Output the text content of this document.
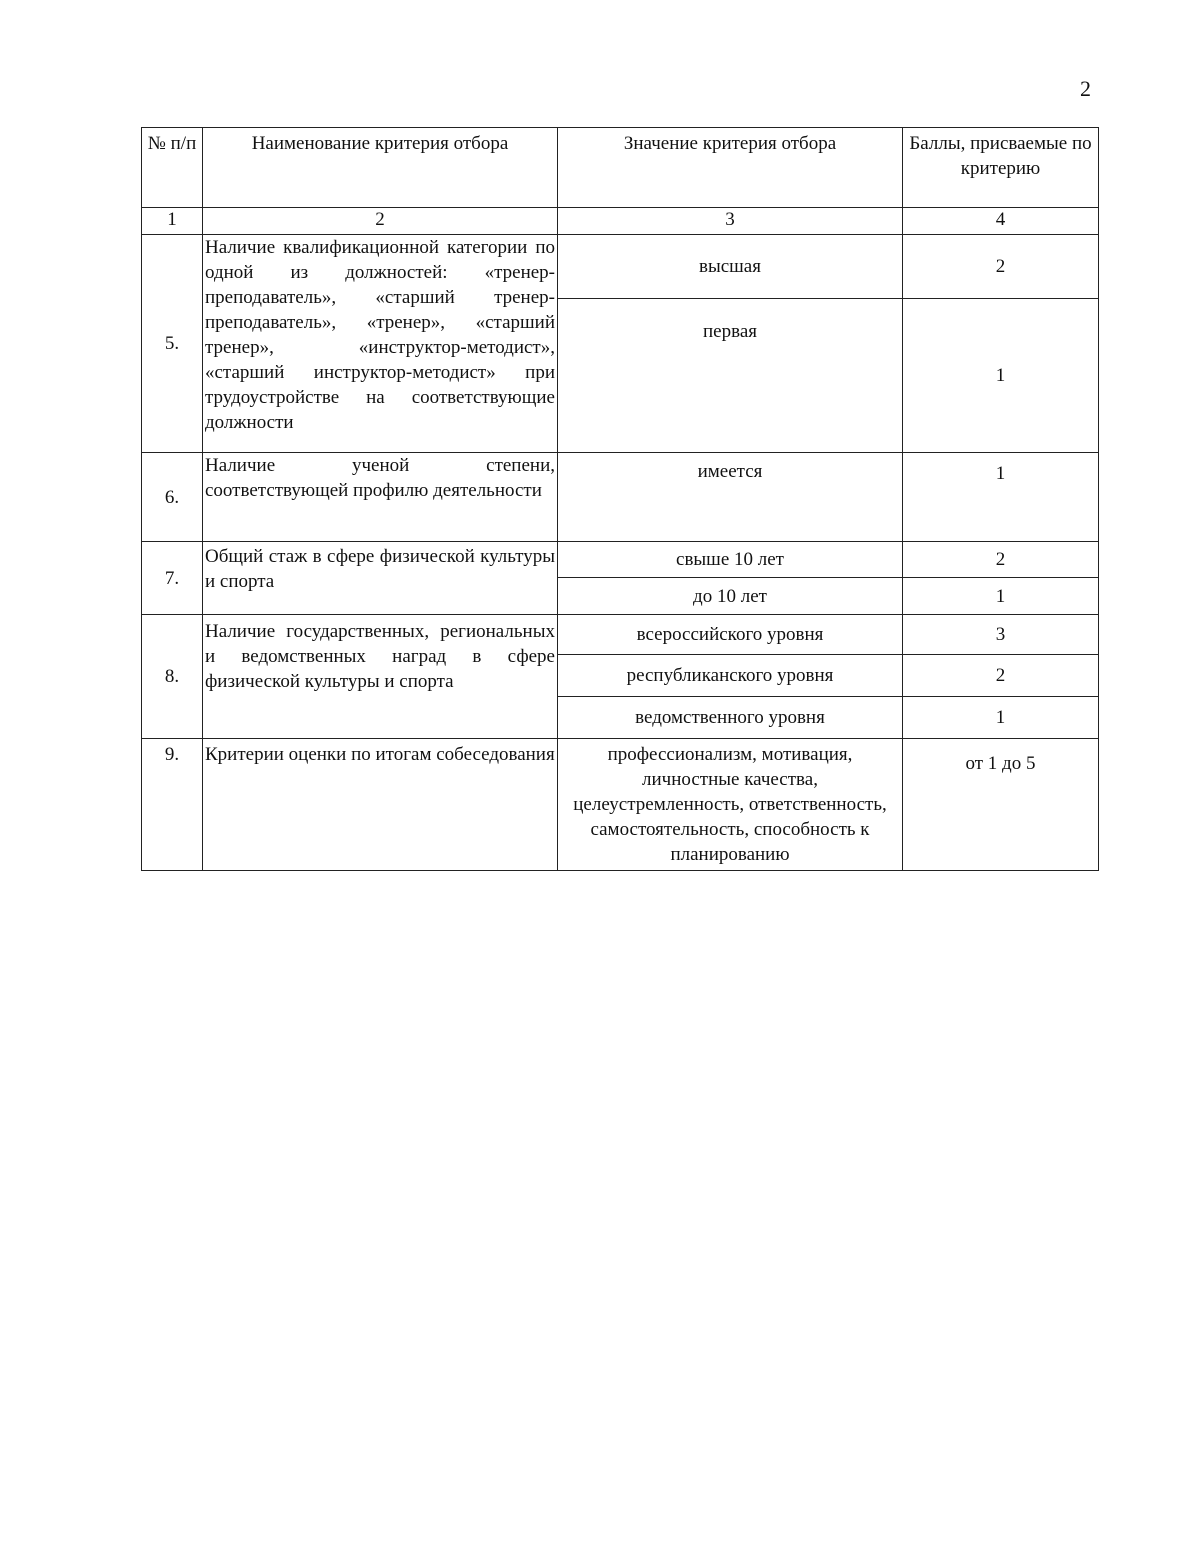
2
№ п/п	Наименование критерия отбора	Значение критерия отбора	Баллы, присваемые по критерию
1	2	3	4
5.	Наличие квалификационной категории по одной из должностей: «тренер-преподаватель», «старший тренер-преподаватель», «тренер», «старший тренер», «инструктор-методист», «старший инструктор-методист» при трудоустройстве на соответствующие должности	высшая	2
		первая	1
6.	Наличие ученой степени, соответствующей профилю деятельности	имеется	1
7.	Общий стаж в сфере физической культуры и спорта	свыше 10 лет	2
		до 10 лет	1
8.	Наличие государственных, региональных и ведомственных наград в сфере физической культуры и спорта	всероссийского уровня	3
		республиканского уровня	2
		ведомственного уровня	1
9.	Критерии оценки по итогам собеседования	профессионализм, мотивация, личностные качества, целеустремленность, ответственность, самостоятельность, способность к планированию	от 1 до 5
